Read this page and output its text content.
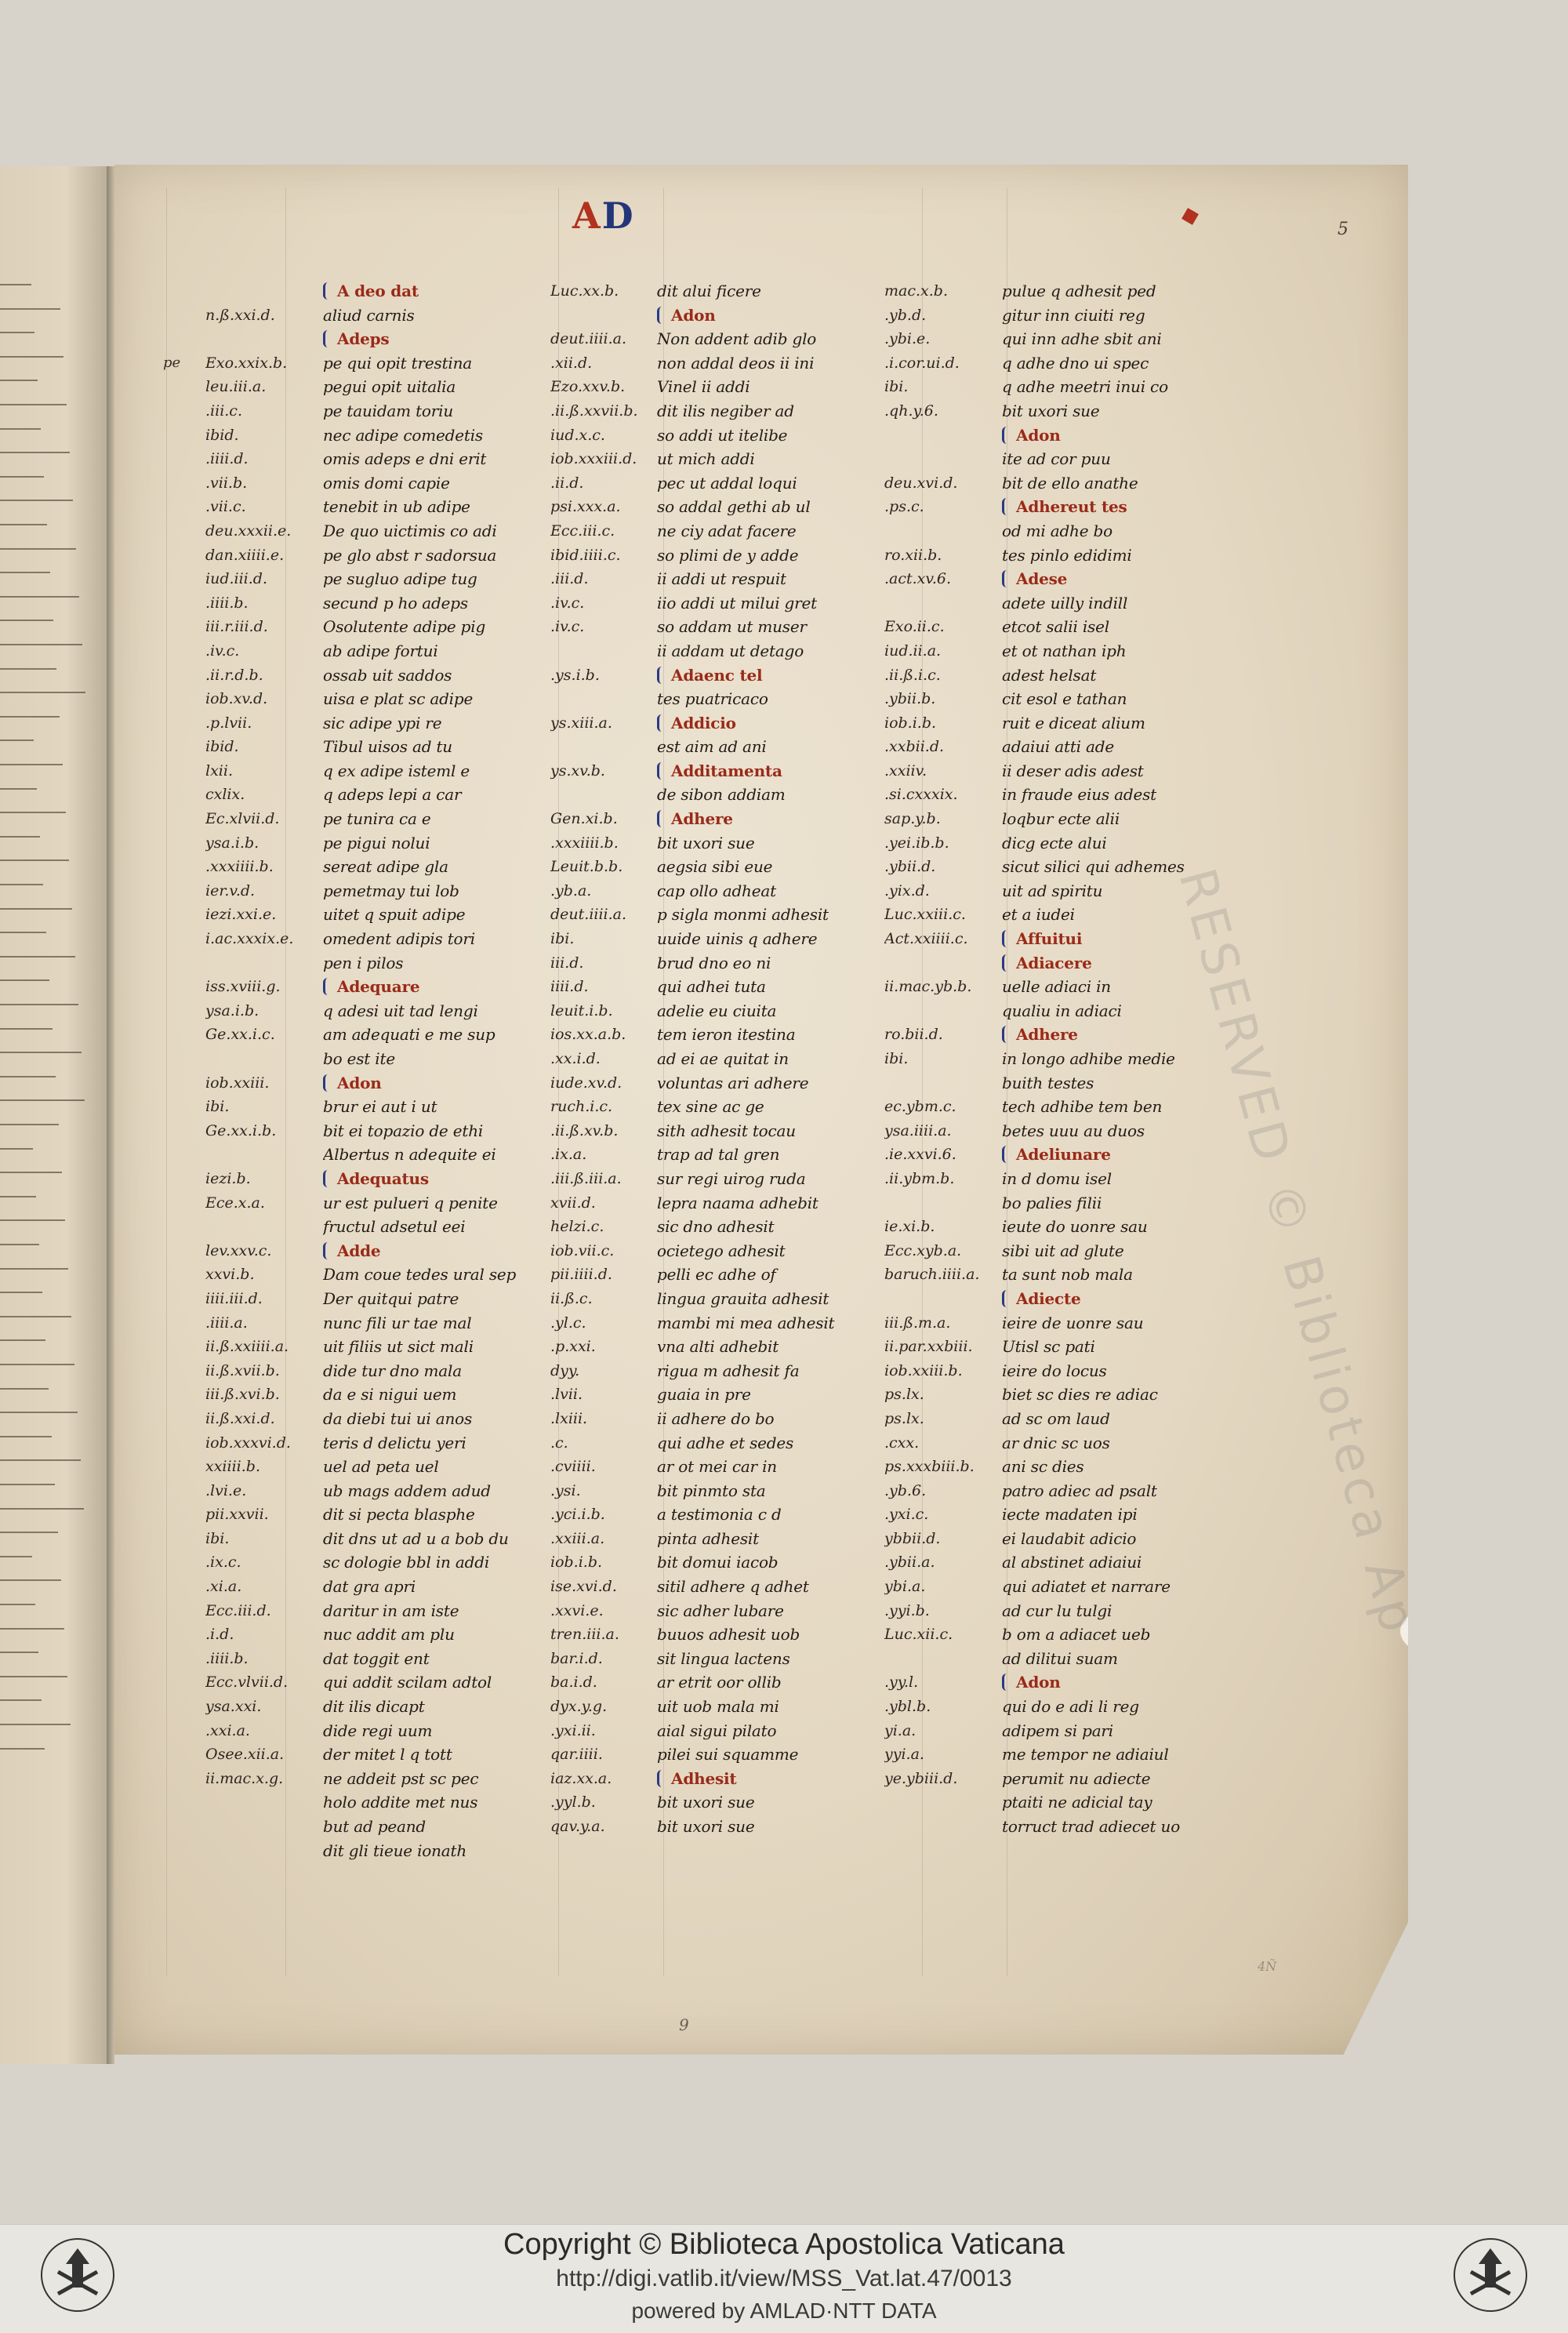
AD	5
pe
n.ß.xxi.d.
Exo.xxix.b.
leu.iii.a.
.iii.c.
ibid.
.iiii.d.
.vii.b.
.vii.c.
deu.xxxii.e.
dan.xiiii.e.
iud.iii.d.
.iiii.b.
iii.r.iii.d.
.iv.c.
.ii.r.d.b.
iob.xv.d.
.p.lvii.
ibid.
lxii.
cxlix.
Ec.xlvii.d.
ysa.i.b.
.xxxiiii.b.
ier.v.d.
iezi.xxi.e.
i.ac.xxxix.e.
iss.xviii.g.
ysa.i.b.
Ge.xx.i.c.
iob.xxiii.
ibi.
Ge.xx.i.b.
iezi.b.
Ece.x.a.
lev.xxv.c.
xxvi.b.
iiii.iii.d.
.iiii.a.
ii.ß.xxiiii.a.
ii.ß.xvii.b.
iii.ß.xvi.b.
ii.ß.xxi.d.
iob.xxxvi.d.
xxiiii.b.
.lvi.e.
pii.xxvii.
ibi.
.ix.c.
.xi.a.
Ecc.iii.d.
.i.d.
.iiii.b.
Ecc.vlvii.d.
ysa.xxi.
.xxi.a.
Osee.xii.a.
ii.mac.x.g.
A deo dat
aliud carnis
Adeps
pe qui opit trestina
pegui opit uitalia
pe tauidam toriu
nec adipe comedetis
omis adeps e dni erit
omis domi capie
tenebit in ub adipe
De quo uictimis co adi
pe glo abst r sadorsua
pe sugluo adipe tug
secund p ho adeps
Osolutente adipe pig
ab adipe fortui
ossab uit saddos
uisa e plat sc adipe
sic adipe ypi re
Tibul uisos ad tu
q ex adipe isteml e
q adeps lepi a car
pe tunira ca e
pe pigui nolui
sereat adipe gla
pemetmay tui lob
uitet q spuit adipe
omedent adipis tori
pen i pilos
Adequare
q adesi uit tad lengi
am adequati e me sup
bo est ite
Adon
brur ei aut i ut
bit ei topazio de ethi
Albertus n adequite ei
Adequatus
ur est pulueri q penite
fructul adsetul eei
Adde
Dam coue tedes ural sep
Der quitqui patre
nunc fili ur tae mal
uit filiis ut sict mali
dide tur dno mala
da e si nigui uem
da diebi tui ui anos
teris d delictu yeri
uel ad peta uel
ub mags addem adud
dit si pecta blasphe
dit dns ut ad u a bob du
sc dologie bbl in addi
dat gra apri
daritur in am iste
nuc addit am plu
dat toggit ent
qui addit scilam adtol
dit ilis dicapt
dide regi uum
der mitet l q tott
ne addeit pst sc pec
holo addite met nus
but ad peand
dit gli tieue ionath
Luc.xx.b.
deut.iiii.a.
.xii.d.
Ezo.xxv.b.
.ii.ß.xxvii.b.
iud.x.c.
iob.xxxiii.d.
.ii.d.
psi.xxx.a.
Ecc.iii.c.
ibid.iiii.c.
.iii.d.
.iv.c.
.iv.c.
.ys.i.b.
ys.xiii.a.
ys.xv.b.
Gen.xi.b.
.xxxiiii.b.
Leuit.b.b.
.yb.a.
deut.iiii.a.
ibi.
iii.d.
iiii.d.
leuit.i.b.
ios.xx.a.b.
.xx.i.d.
iude.xv.d.
ruch.i.c.
.ii.ß.xv.b.
.ix.a.
.iii.ß.iii.a.
xvii.d.
helzi.c.
iob.vii.c.
pii.iiii.d.
ii.ß.c.
.yl.c.
.p.xxi.
dyy.
.lvii.
.lxiii.
.c.
.cviiii.
.ysi.
.yci.i.b.
.xxiii.a.
iob.i.b.
ise.xvi.d.
.xxvi.e.
tren.iii.a.
bar.i.d.
ba.i.d.
dyx.y.g.
.yxi.ii.
qar.iiii.
iaz.xx.a.
.yyl.b.
qav.y.a.
dit alui ficere
Adon
Non addent adib glo
non addal deos ii ini
Vinel ii addi
dit ilis negiber ad
so addi ut itelibe
ut mich addi
pec ut addal loqui
so addal gethi ab ul
ne ciy adat facere
so plimi de y adde
ii addi ut respuit
iio addi ut milui gret
so addam ut muser
ii addam ut detago
Adaenc tel
tes puatricaco
Addicio
est aim ad ani
Additamenta
de sibon addiam
Adhere
bit uxori sue
aegsia sibi eue
cap ollo adheat
p sigla monmi adhesit
uuide uinis q adhere
brud dno eo ni
qui adhei tuta
adelie eu ciuita
tem ieron itestina
ad ei ae quitat in
voluntas ari adhere
tex sine ac ge
sith adhesit tocau
trap ad tal gren
sur regi uirog ruda
lepra naama adhebit
sic dno adhesit
ocietego adhesit
pelli ec adhe of
lingua grauita adhesit
mambi mi mea adhesit
vna alti adhebit
rigua m adhesit fa
guaia in pre
ii adhere do bo
qui adhe et sedes
ar ot mei car in
bit pinmto sta
a testimonia c d
pinta adhesit
bit domui iacob
sitil adhere q adhet
sic adher lubare
buuos adhesit uob
sit lingua lactens
ar etrit oor ollib
uit uob mala mi
aial sigui pilato
pilei sui squamme
Adhesit
bit uxori sue
bit uxori sue
mac.x.b.
.yb.d.
.ybi.e.
.i.cor.ui.d.
ibi.
.qh.y.6.
deu.xvi.d.
.ps.c.
ro.xii.b.
.act.xv.6.
Exo.ii.c.
iud.ii.a.
.ii.ß.i.c.
.ybii.b.
iob.i.b.
.xxbii.d.
.xxiiv.
.si.cxxxix.
sap.y.b.
.yei.ib.b.
.ybii.d.
.yix.d.
Luc.xxiii.c.
Act.xxiiii.c.
ii.mac.yb.b.
ro.bii.d.
ibi.
ec.ybm.c.
ysa.iiii.a.
.ie.xxvi.6.
.ii.ybm.b.
ie.xi.b.
Ecc.xyb.a.
baruch.iiii.a.
iii.ß.m.a.
ii.par.xxbiii.
iob.xxiii.b.
ps.lx.
ps.lx.
.cxx.
ps.xxxbiii.b.
.yb.6.
.yxi.c.
ybbii.d.
.ybii.a.
ybi.a.
.yyi.b.
Luc.xii.c.
.yy.l.
.ybl.b.
yi.a.
yyi.a.
ye.ybiii.d.
pulue q adhesit ped
gitur inn ciuiti reg
qui inn adhe sbit ani
q adhe dno ui spec
q adhe meetri inui co
bit uxori sue
Adon
ite ad cor puu
bit de ello anathe
Adhereut tes
od mi adhe bo
tes pinlo edidimi
Adese
adete uilly indill
etcot salii isel
et ot nathan iph
adest helsat
cit esol e tathan
ruit e diceat alium
adaiui atti ade
ii deser adis adest
in fraude eius adest
loqbur ecte alii
dicg ecte alui
sicut silici qui adhemes
uit ad spiritu
et a iudei
Affuitui
Adiacere
uelle adiaci in
qualiu in adiaci
Adhere
in longo adhibe medie
buith testes
tech adhibe tem ben
betes uuu au duos
Adeliunare
in d domu isel
bo palies filii
ieute do uonre sau
sibi uit ad glute
ta sunt nob mala
Adiecte
ieire de uonre sau
Utisl sc pati
ieire do locus
biet sc dies re adiac
ad sc om laud
ar dnic sc uos
ani sc dies
patro adiec ad psalt
iecte madaten ipi
ei laudabit adicio
al abstinet adiaiui
qui adiatet et narrare
ad cur lu tulgi
b om a adiacet ueb
ad dilitui suam
Adon
qui do e adi li reg
adipem si pari
me tempor ne adiaiul
perumit nu adiecte
ptaiti ne adicial tay
torruct trad adiecet uo
RESERVED © Biblioteca Ap
9
4Ñ
Copyright © Biblioteca Apostolica Vaticana
http://digi.vatlib.it/view/MSS_Vat.lat.47/0013
powered by AMLAD·NTT DATA
